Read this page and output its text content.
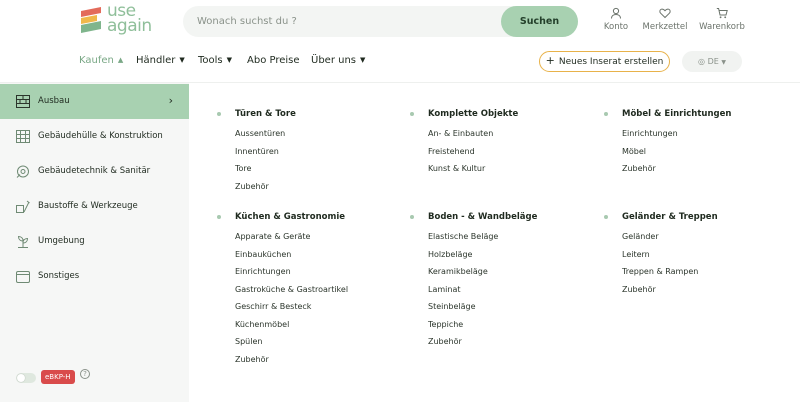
use
again
Wonach suchst du ?	Suchen	Konto	Merkzettel Warenkorb
Kaufen ▲ Händler ▼ Tools ▼ Abo Preise Über uns ▼	+ Neues Inserat erstellen	◎ DE ▼
Ausbau	›
Gebäudehülle & Konstruktion
Gebäudetechnik & Sanitär
Baustoffe & Werkzeuge
Umgebung
Sonstiges
eBKP-H	?
Türen & Tore
Aussentüren
Innentüren
Tore
Zubehör
Komplette Objekte
An- & Einbauten
Freistehend
Kunst & Kultur
Möbel & Einrichtungen
Einrichtungen
Möbel
Zubehör
Küchen & Gastronomie
Apparate & Geräte
Einbauküchen
Einrichtungen
Gastroküche & Gastroartikel
Geschirr & Besteck
Küchenmöbel
Spülen
Zubehör
Boden - & Wandbeläge
Elastische Beläge
Holzbeläge
Keramikbeläge
Laminat
Steinbeläge
Teppiche
Zubehör
Geländer & Treppen
Geländer
Leitern
Treppen & Rampen
Zubehör
